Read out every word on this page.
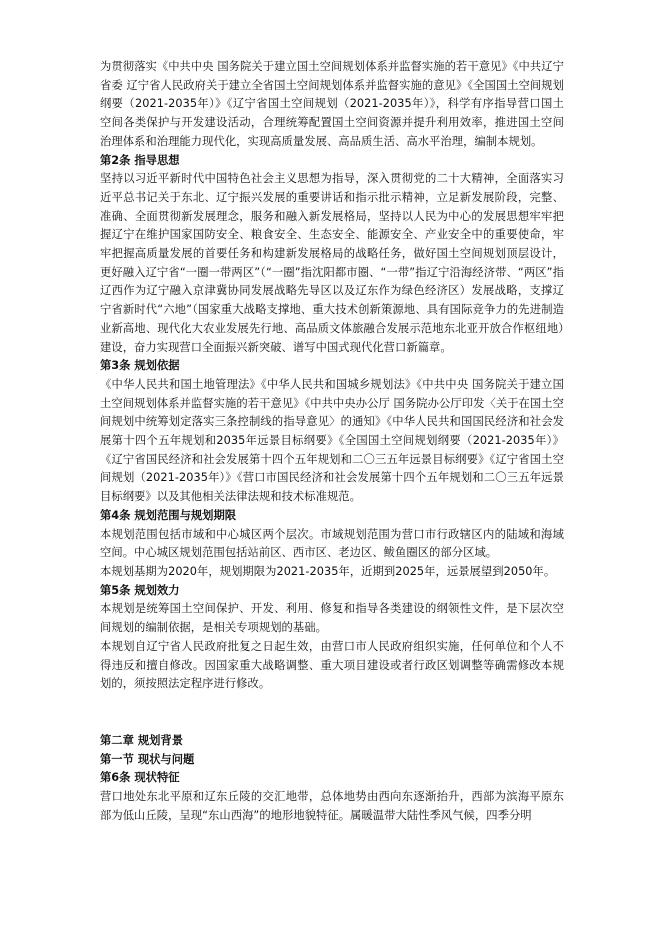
为贯彻落实《中共中央 国务院关于建立国土空间规划体系并监督实施的若干意见》《中共辽宁省委 辽宁省人民政府关于建立全省国土空间规划体系并监督实施的意见》《全国国土空间规划纲要（2021-2035年）》《辽宁省国土空间规划（2021-2035年）》，科学有序指导营口国土空间各类保护与开发建设活动，合理统筹配置国土空间资源并提升利用效率，推进国土空间治理体系和治理能力现代化，实现高质量发展、高品质生活、高水平治理，编制本规划。

第2条 指导思想

坚持以习近平新时代中国特色社会主义思想为指导，深入贯彻党的二十大精神，全面落实习近平总书记关于东北、辽宁振兴发展的重要讲话和指示批示精神，立足新发展阶段，完整、准确、全面贯彻新发展理念，服务和融入新发展格局，坚持以人民为中心的发展思想牢牢把握辽宁在维护国家国防安全、粮食安全、生态安全、能源安全、产业安全中的重要使命，牢牢把握高质量发展的首要任务和构建新发展格局的战略任务，做好国土空间规划顶层设计，更好融入辽宁省“一圈一带两区”（“一圈”指沈阳都市圈、“一带”指辽宁沿海经济带、“两区”指辽西作为辽宁融入京津冀协同发展战略先导区以及辽东作为绿色经济区）发展战略，支撑辽宁省新时代“六地”（国家重大战略支撑地、重大技术创新策源地、具有国际竞争力的先进制造业新高地、现代化大农业发展先行地、高品质文体旅融合发展示范地东北亚开放合作枢纽地）建设，奋力实现营口全面振兴新突破、谱写中国式现代化营口新篇章。

第3条 规划依据

《中华人民共和国土地管理法》《中华人民共和国城乡规划法》《中共中央 国务院关于建立国土空间规划体系并监督实施的若干意见》《中共中央办公厅 国务院办公厅印发〈关于在国土空间规划中统筹划定落实三条控制线的指导意见〉的通知》《中华人民共和国国民经济和社会发展第十四个五年规划和2035年远景目标纲要》《全国国土空间规划纲要（2021-2035年）》《辽宁省国民经济和社会发展第十四个五年规划和二〇三五年远景目标纲要》《辽宁省国土空间规划（2021-2035年）》《营口市国民经济和社会发展第十四个五年规划和二〇三五年远景目标纲要》以及其他相关法律法规和技术标准规范。

第4条 规划范围与规划期限

本规划范围包括市域和中心城区两个层次。市域规划范围为营口市行政辖区内的陆域和海域空间。中心城区规划范围包括站前区、西市区、老边区、鲅鱼圈区的部分区域。

本规划基期为2020年，规划期限为2021-2035年，近期到2025年，远景展望到2050年。

第5条 规划效力

本规划是统筹国土空间保护、开发、利用、修复和指导各类建设的纲领性文件，是下层次空间规划的编制依据，是相关专项规划的基础。

本规划自辽宁省人民政府批复之日起生效，由营口市人民政府组织实施，任何单位和个人不得违反和擅自修改。因国家重大战略调整、重大项目建设或者行政区划调整等确需修改本规划的，须按照法定程序进行修改。

第二章 规划背景

第一节 现状与问题

第6条 现状特征

营口地处东北平原和辽东丘陵的交汇地带，总体地势由西向东逐渐抬升，西部为滨海平原东部为低山丘陵，呈现“东山西海”的地形地貌特征。属暖温带大陆性季风气候，四季分明
